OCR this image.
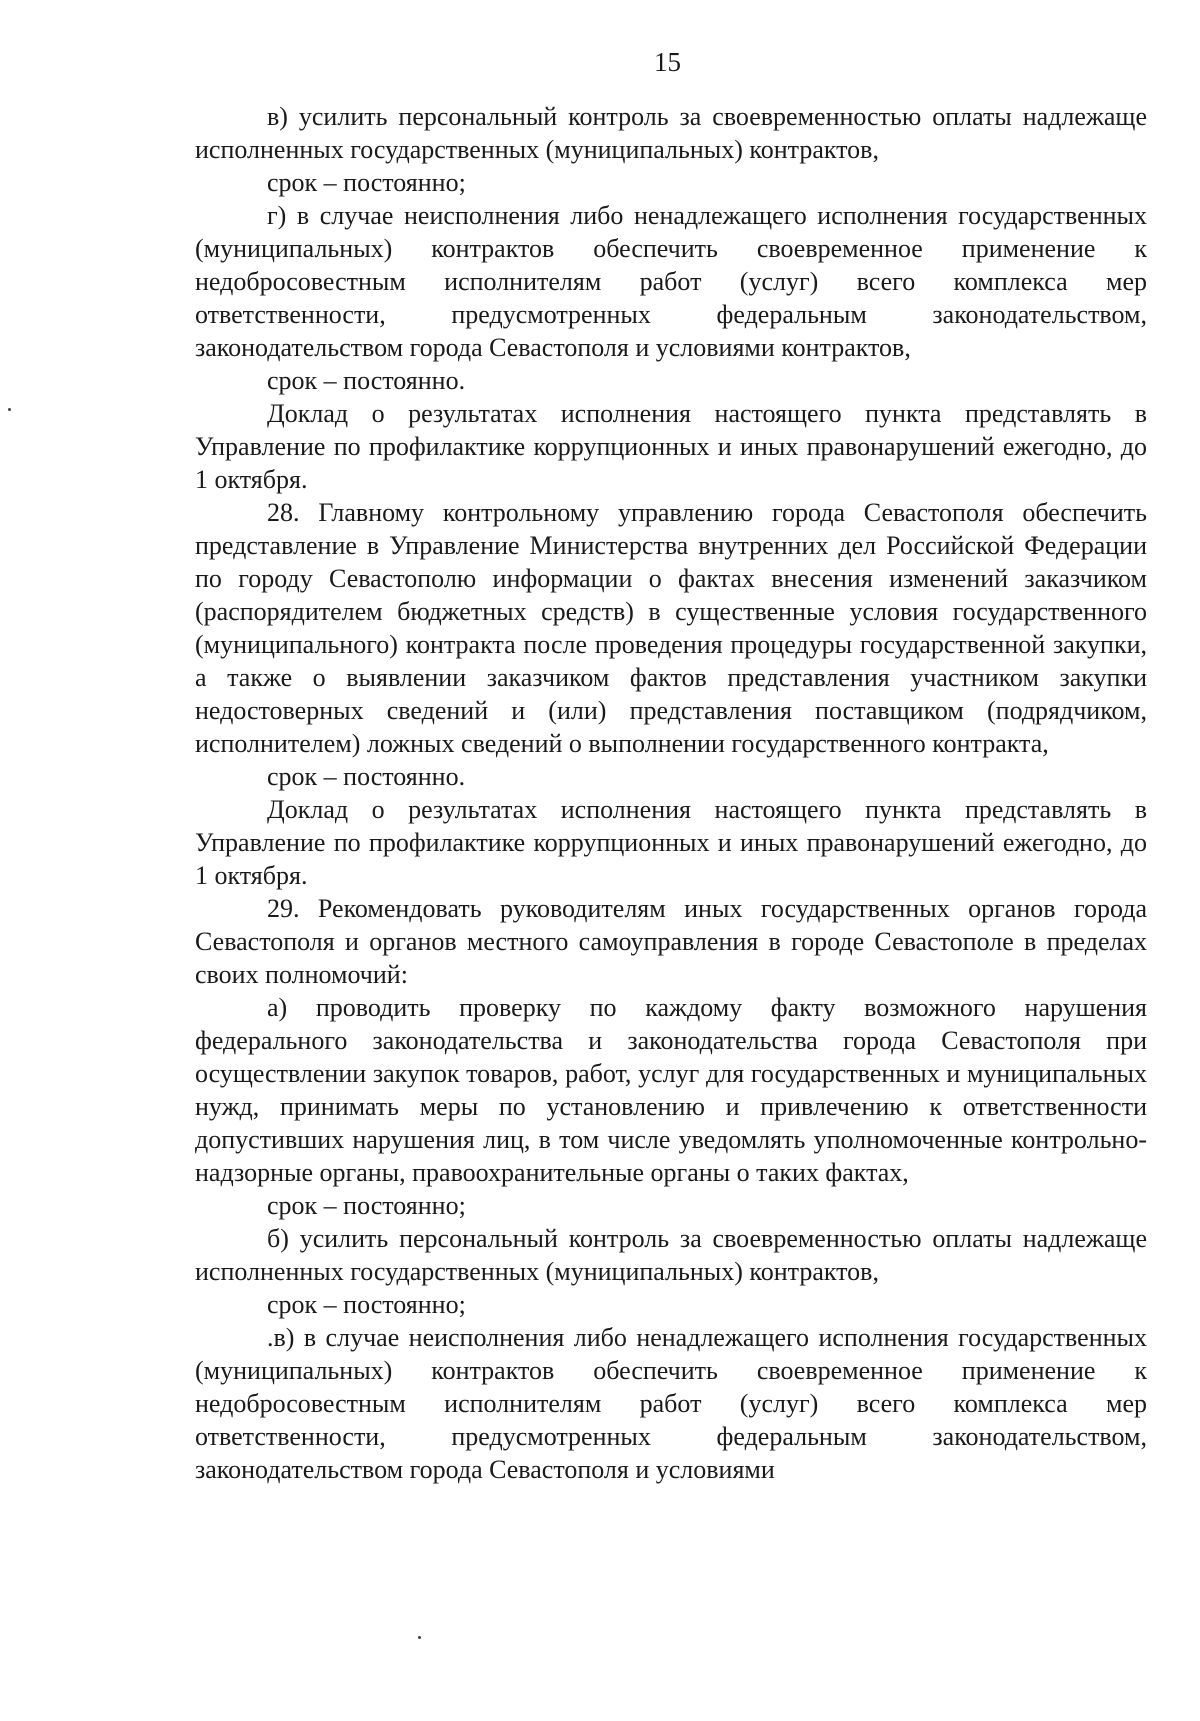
15

в) усилить персональный контроль за своевременностью оплаты надлежаще исполненных государственных (муниципальных) контрактов,

срок – постоянно;

г) в случае неисполнения либо ненадлежащего исполнения государственных (муниципальных) контрактов обеспечить своевременное применение к недобросовестным исполнителям работ (услуг) всего комплекса мер ответственности, предусмотренных федеральным законодательством, законодательством города Севастополя и условиями контрактов,

срок – постоянно.

Доклад о результатах исполнения настоящего пункта представлять в Управление по профилактике коррупционных и иных правонарушений ежегодно, до 1 октября.

28. Главному контрольному управлению города Севастополя обеспечить представление в Управление Министерства внутренних дел Российской Федерации по городу Севастополю информации о фактах внесения изменений заказчиком (распорядителем бюджетных средств) в существенные условия государственного (муниципального) контракта после проведения процедуры государственной закупки, а также о выявлении заказчиком фактов представления участником закупки недостоверных сведений и (или) представления поставщиком (подрядчиком, исполнителем) ложных сведений о выполнении государственного контракта,

срок – постоянно.

Доклад о результатах исполнения настоящего пункта представлять в Управление по профилактике коррупционных и иных правонарушений ежегодно, до 1 октября.

29. Рекомендовать руководителям иных государственных органов города Севастополя и органов местного самоуправления в городе Севастополе в пределах своих полномочий:

а) проводить проверку по каждому факту возможного нарушения федерального законодательства и законодательства города Севастополя при осуществлении закупок товаров, работ, услуг для государственных и муниципальных нужд, принимать меры по установлению и привлечению к ответственности допустивших нарушения лиц, в том числе уведомлять уполномоченные контрольно-надзорные органы, правоохранительные органы о таких фактах,

срок – постоянно;

б) усилить персональный контроль за своевременностью оплаты надлежаще исполненных государственных (муниципальных) контрактов,

срок – постоянно;

.в) в случае неисполнения либо ненадлежащего исполнения государственных (муниципальных) контрактов обеспечить своевременное применение к недобросовестным исполнителям работ (услуг) всего комплекса мер ответственности, предусмотренных федеральным законодательством, законодательством города Севастополя и условиями
